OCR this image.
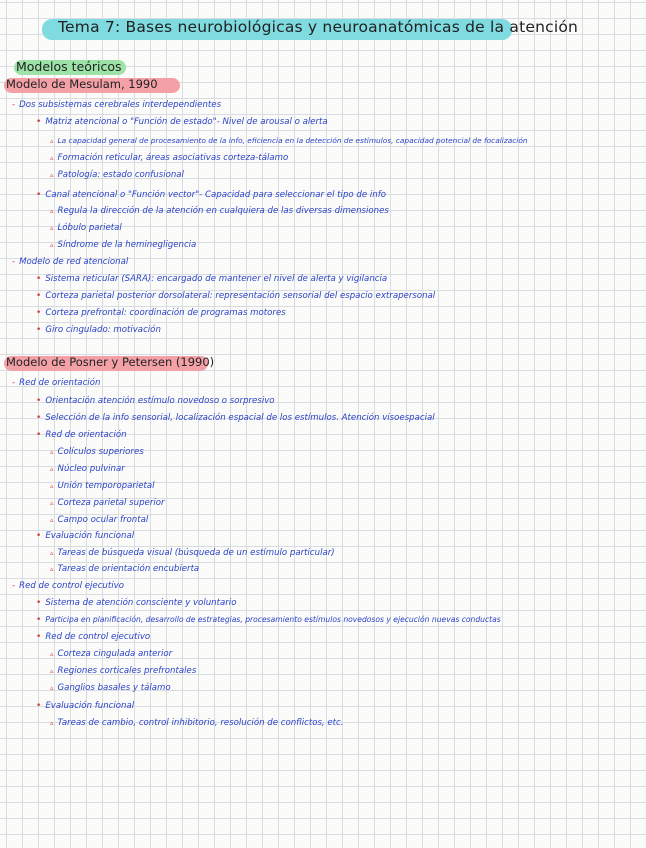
Tema 7: Bases neurobiológicas y neuroanatómicas de la atención
Modelos teóricos
Modelo de Mesulam, 1990
- Dos subsistemas cerebrales interdependientes
• Matriz atencional o "Función de estado"- Nivel de arousal o alerta
▵ La capacidad general de procesamiento de la info, eficiencia en la detección de estímulos, capacidad potencial de focalización
▵ Formación reticular, áreas asociativas corteza-tálamo
▵ Patología: estado confusional
• Canal atencional o "Función vector"- Capacidad para seleccionar el tipo de info
▵ Regula la dirección de la atención en cualquiera de las diversas dimensiones
▵ Lóbulo parietal
▵ Síndrome de la heminegligencia
- Modelo de red atencional
• Sistema reticular (SARA): encargado de mantener el nivel de alerta y vigilancia
• Corteza parietal posterior dorsolateral: representación sensorial del espacio extrapersonal
• Corteza prefrontal: coordinación de programas motores
• Giro cingulado: motivación
Modelo de Posner y Petersen (1990)
- Red de orientación
• Orientación atención estímulo novedoso o sorpresivo
• Selección de la info sensorial, localización espacial de los estímulos. Atención visoespacial
• Red de orientación
▵ Colículos superiores
▵ Núcleo pulvinar
▵ Unión temporoparietal
▵ Corteza parietal superior
▵ Campo ocular frontal
• Evaluación funcional
▵ Tareas de búsqueda visual (búsqueda de un estímulo particular)
▵ Tareas de orientación encubierta
- Red de control ejecutivo
• Sistema de atención consciente y voluntario
• Participa en planificación, desarrollo de estrategias, procesamiento estímulos novedosos y ejecución nuevas conductas
• Red de control ejecutivo
▵ Corteza cingulada anterior
▵ Regiones corticales prefrontales
▵ Ganglios basales y tálamo
• Evaluación funcional
▵ Tareas de cambio, control inhibitorio, resolución de conflictos, etc.
